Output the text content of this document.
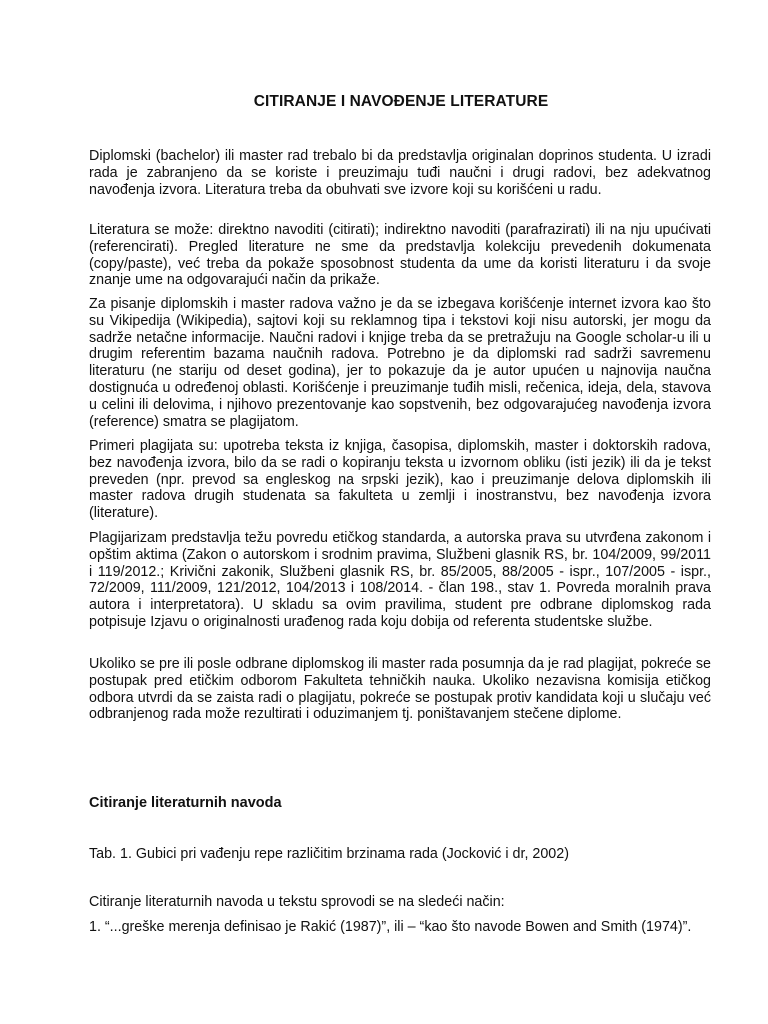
CITIRANJE I NAVOĐENJE LITERATURE

Diplomski (bachelor) ili master rad trebalo bi da predstavlja originalan doprinos studenta. U izradi rada je zabranjeno da se koriste i preuzimaju tuđi naučni i drugi radovi, bez adekvatnog navođenja izvora. Literatura treba da obuhvati sve izvore koji su korišćeni u radu.

Literatura se može: direktno navoditi (citirati); indirektno navoditi (parafrazirati) ili na nju upućivati (referencirati). Pregled literature ne sme da predstavlja kolekciju prevedenih dokumenata (copy/paste), već treba da pokaže sposobnost studenta da ume da koristi literaturu i da svoje znanje ume na odgovarajući način da prikaže.

Za pisanje diplomskih i master radova važno je da se izbegava korišćenje internet izvora kao što su Vikipedija (Wikipedia), sajtovi koji su reklamnog tipa i tekstovi koji nisu autorski, jer mogu da sadrže netačne informacije. Naučni radovi i knjige treba da se pretražuju na Google scholar-u ili u drugim referentim bazama naučnih radova. Potrebno je da diplomski rad sadrži savremenu literaturu (ne stariju od deset godina), jer to pokazuje da je autor upućen u najnovija naučna dostignuća u određenoj oblasti. Korišćenje i preuzimanje tuđih misli, rečenica, ideja, dela, stavova u celini ili delovima, i njihovo prezentovanje kao sopstvenih, bez odgovarajućeg navođenja izvora (reference) smatra se plagijatom.

Primeri plagijata su: upotreba teksta iz knjiga, časopisa, diplomskih, master i doktorskih radova, bez navođenja izvora, bilo da se radi o kopiranju teksta u izvornom obliku (isti jezik) ili da je tekst preveden (npr. prevod sa engleskog na srpski jezik), kao i preuzimanje delova diplomskih ili master radova drugih studenata sa fakulteta u zemlji i inostranstvu, bez navođenja izvora (literature).

Plagijarizam predstavlja težu povredu etičkog standarda, a autorska prava su utvrđena zakonom i opštim aktima (Zakon o autorskom i srodnim pravima, Službeni glasnik RS, br. 104/2009, 99/2011 i 119/2012.; Krivični zakonik, Službeni glasnik RS, br. 85/2005, 88/2005 - ispr., 107/2005 - ispr., 72/2009, 111/2009, 121/2012, 104/2013 i 108/2014. - član 198., stav 1. Povreda moralnih prava autora i interpretatora). U skladu sa ovim pravilima, student pre odbrane diplomskog rada potpisuje Izjavu o originalnosti urađenog rada koju dobija od referenta studentske službe.

Ukoliko se pre ili posle odbrane diplomskog ili master rada posumnja da je rad plagijat, pokreće se postupak pred etičkim odborom Fakulteta tehničkih nauka. Ukoliko nezavisna komisija etičkog odbora utvrdi da se zaista radi o plagijatu, pokreće se postupak protiv kandidata koji u slučaju već odbranjenog rada može rezultirati i oduzimanjem tj. poništavanjem stečene diplome.

Citiranje literaturnih navoda

Tab. 1. Gubici pri vađenju repe različitim brzinama rada (Jocković i dr, 2002)

Citiranje literaturnih navoda u tekstu sprovodi se na sledeći način:

1. “...greške merenja definisao je Rakić (1987)”, ili – “kao što navode Bowen and Smith (1974)”.
